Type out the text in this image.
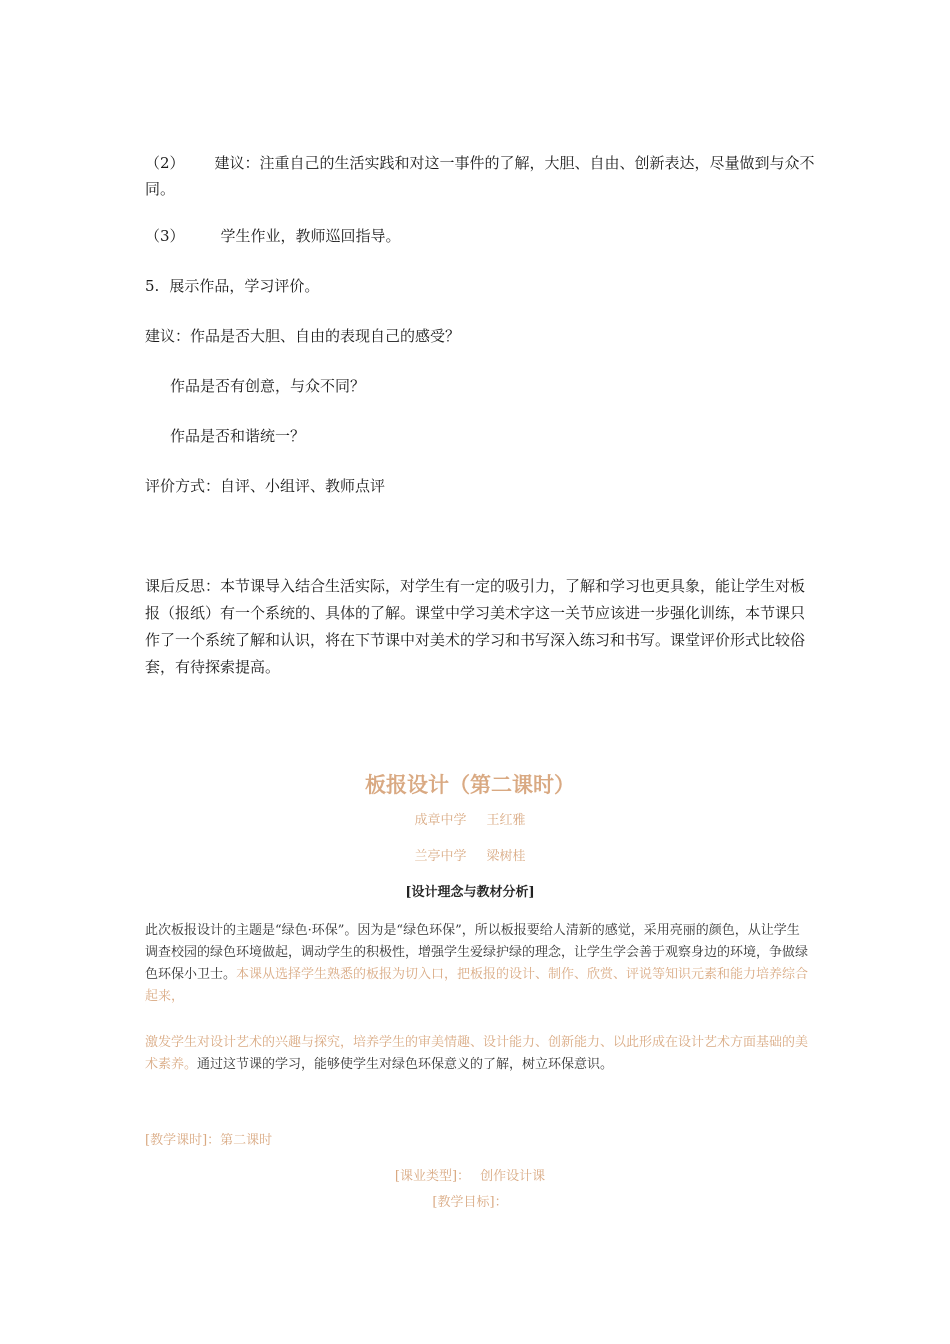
（2） 建议：注重自己的生活实践和对这一事件的了解，大胆、自由、创新表达，尽量做到与众不同。

（3） 学生作业，教师巡回指导。

5. 展示作品，学习评价。

建议：作品是否大胆、自由的表现自己的感受？

作品是否有创意，与众不同？

作品是否和谐统一？

评价方式：自评、小组评、教师点评

课后反思：本节课导入结合生活实际，对学生有一定的吸引力，了解和学习也更具象，能让学生对板报（报纸）有一个系统的、具体的了解。课堂中学习美术字这一关节应该进一步强化训练，本节课只作了一个系统了解和认识，将在下节课中对美术的学习和书写深入练习和书写。课堂评价形式比较俗套，有待探索提高。

板报设计（第二课时）

成章中学 王红雅

兰亭中学 梁树桂

[设计理念与教材分析]

此次板报设计的主题是“绿色·环保”。因为是“绿色环保”，所以板报要给人清新的感觉，采用亮丽的颜色，从让学生调查校园的绿色环境做起，调动学生的积极性，增强学生爱绿护绿的理念，让学生学会善于观察身边的环境，争做绿色环保小卫士。本课从选择学生熟悉的板报为切入口，把板报的设计、制作、欣赏、评说等知识元素和能力培养综合起来，

激发学生对设计艺术的兴趣与探究，培养学生的审美情趣、设计能力、创新能力、以此形成在设计艺术方面基础的美术素养。通过这节课的学习，能够使学生对绿色环保意义的了解，树立环保意识。

[教学课时]：第二课时

[课业类型]： 创作设计课

[教学目标]：
